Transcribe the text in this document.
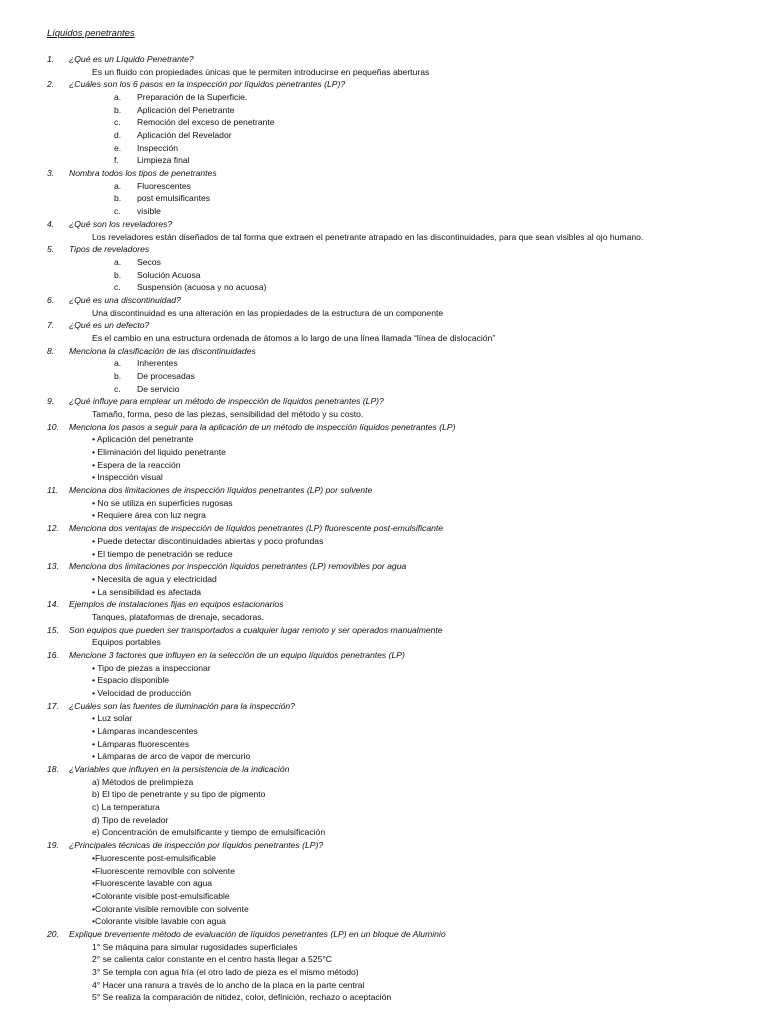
Líquidos penetrantes
1. ¿Qué es un Líquido Penetrante?
Es un fluido con propiedades únicas que le permiten introducirse en pequeñas aberturas
2. ¿Cuáles son los 6 pasos en la inspección por líquidos penetrantes (LP)?
a. Preparación de la Superficie.
b. Aplicación del Penetrante
c. Remoción del exceso de penetrante
d. Aplicación del Revelador
e. Inspección
f. Limpieza final
3. Nombra todos los tipos de penetrantes
a. Fluorescentes
b. post emulsificantes
c. visible
4. ¿Qué son los reveladores?
Los reveladores están diseñados de tal forma que extraen el penetrante atrapado en las discontinuidades, para que sean visibles al ojo humano.
5. Tipos de reveladores
a. Secos
b. Solución Acuosa
c. Suspensión (acuosa y no acuosa)
6. ¿Qué es una discontinuidad?
Una discontinuidad es una alteración en las propiedades de la estructura de un componente
7. ¿Qué es un defecto?
Es el cambio en una estructura ordenada de átomos a lo largo de una línea llamada “línea de dislocación”
8. Menciona la clasificación de las discontinuidades
a. Inherentes
b. De procesadas
c. De servicio
9. ¿Qué influye para emplear un método de inspección de líquidos penetrantes (LP)?
Tamaño, forma, peso de las piezas, sensibilidad del método y su costo.
10. Menciona los pasos a seguir para la aplicación de un método de inspección líquidos penetrantes (LP)
• Aplicación del penetrante
• Eliminación del liquido penetrante
• Espera de la reacción
• Inspección visual
11. Menciona dos limitaciones de inspección líquidos penetrantes (LP) por solvente
• No se utiliza en superficies rugosas
• Requiere área con luz negra
12. Menciona dos ventajas de inspección de líquidos penetrantes (LP) fluorescente post-emulsificante
• Puede detectar discontinuidades abiertas y poco profundas
• El tiempo de penetración se reduce
13. Menciona dos limitaciones por inspección líquidos penetrantes (LP) removibles por agua
• Necesita de agua y electricidad
• La sensibilidad es afectada
14. Ejemplos de instalaciones fijas en equipos estacionarios
Tanques, plataformas de drenaje, secadoras.
15. Son equipos que pueden ser transportados a cualquier lugar remoto y ser operados manualmente
Equipos portables
16. Mencione 3 factores que influyen en la selección de un equipo líquidos penetrantes (LP)
• Tipo de piezas a inspeccionar
• Espacio disponible
• Velocidad de producción
17. ¿Cuáles son las fuentes de iluminación para la inspección?
• Luz solar
• Lámparas incandescentes
• Lámparas fluorescentes
• Lámparas de arco de vapor de mercurio
18. ¿Variables que influyen en la persistencia de la indicación
a) Métodos de prelimpieza
b) El tipo de penetrante y su tipo de pigmento
c) La temperatura
d) Tipo de revelador
e) Concentración de emulsificante y tiempo de emulsificación
19. ¿Principales técnicas de inspección por líquidos penetrantes (LP)?
•Fluorescente post-emulsificable
•Fluorescente removible con solvente
•Fluorescente lavable con agua
•Colorante visible post-emulsificable
•Colorante visible removible con solvente
•Colorante visible lavable con agua
20. Explique brevemente método de evaluación de líquidos penetrantes (LP) en un bloque de Aluminio
1° Se máquina para simular rugosidades superficiales
2° se calienta calor constante en el centro hasta llegar a 525°C
3° Se templa con agua fría (el otro lado de pieza es el mismo método)
4° Hacer una ranura a través de lo ancho de la placa en la parte central
5° Se realiza la comparación de nitidez, color, definición, rechazo o aceptación
